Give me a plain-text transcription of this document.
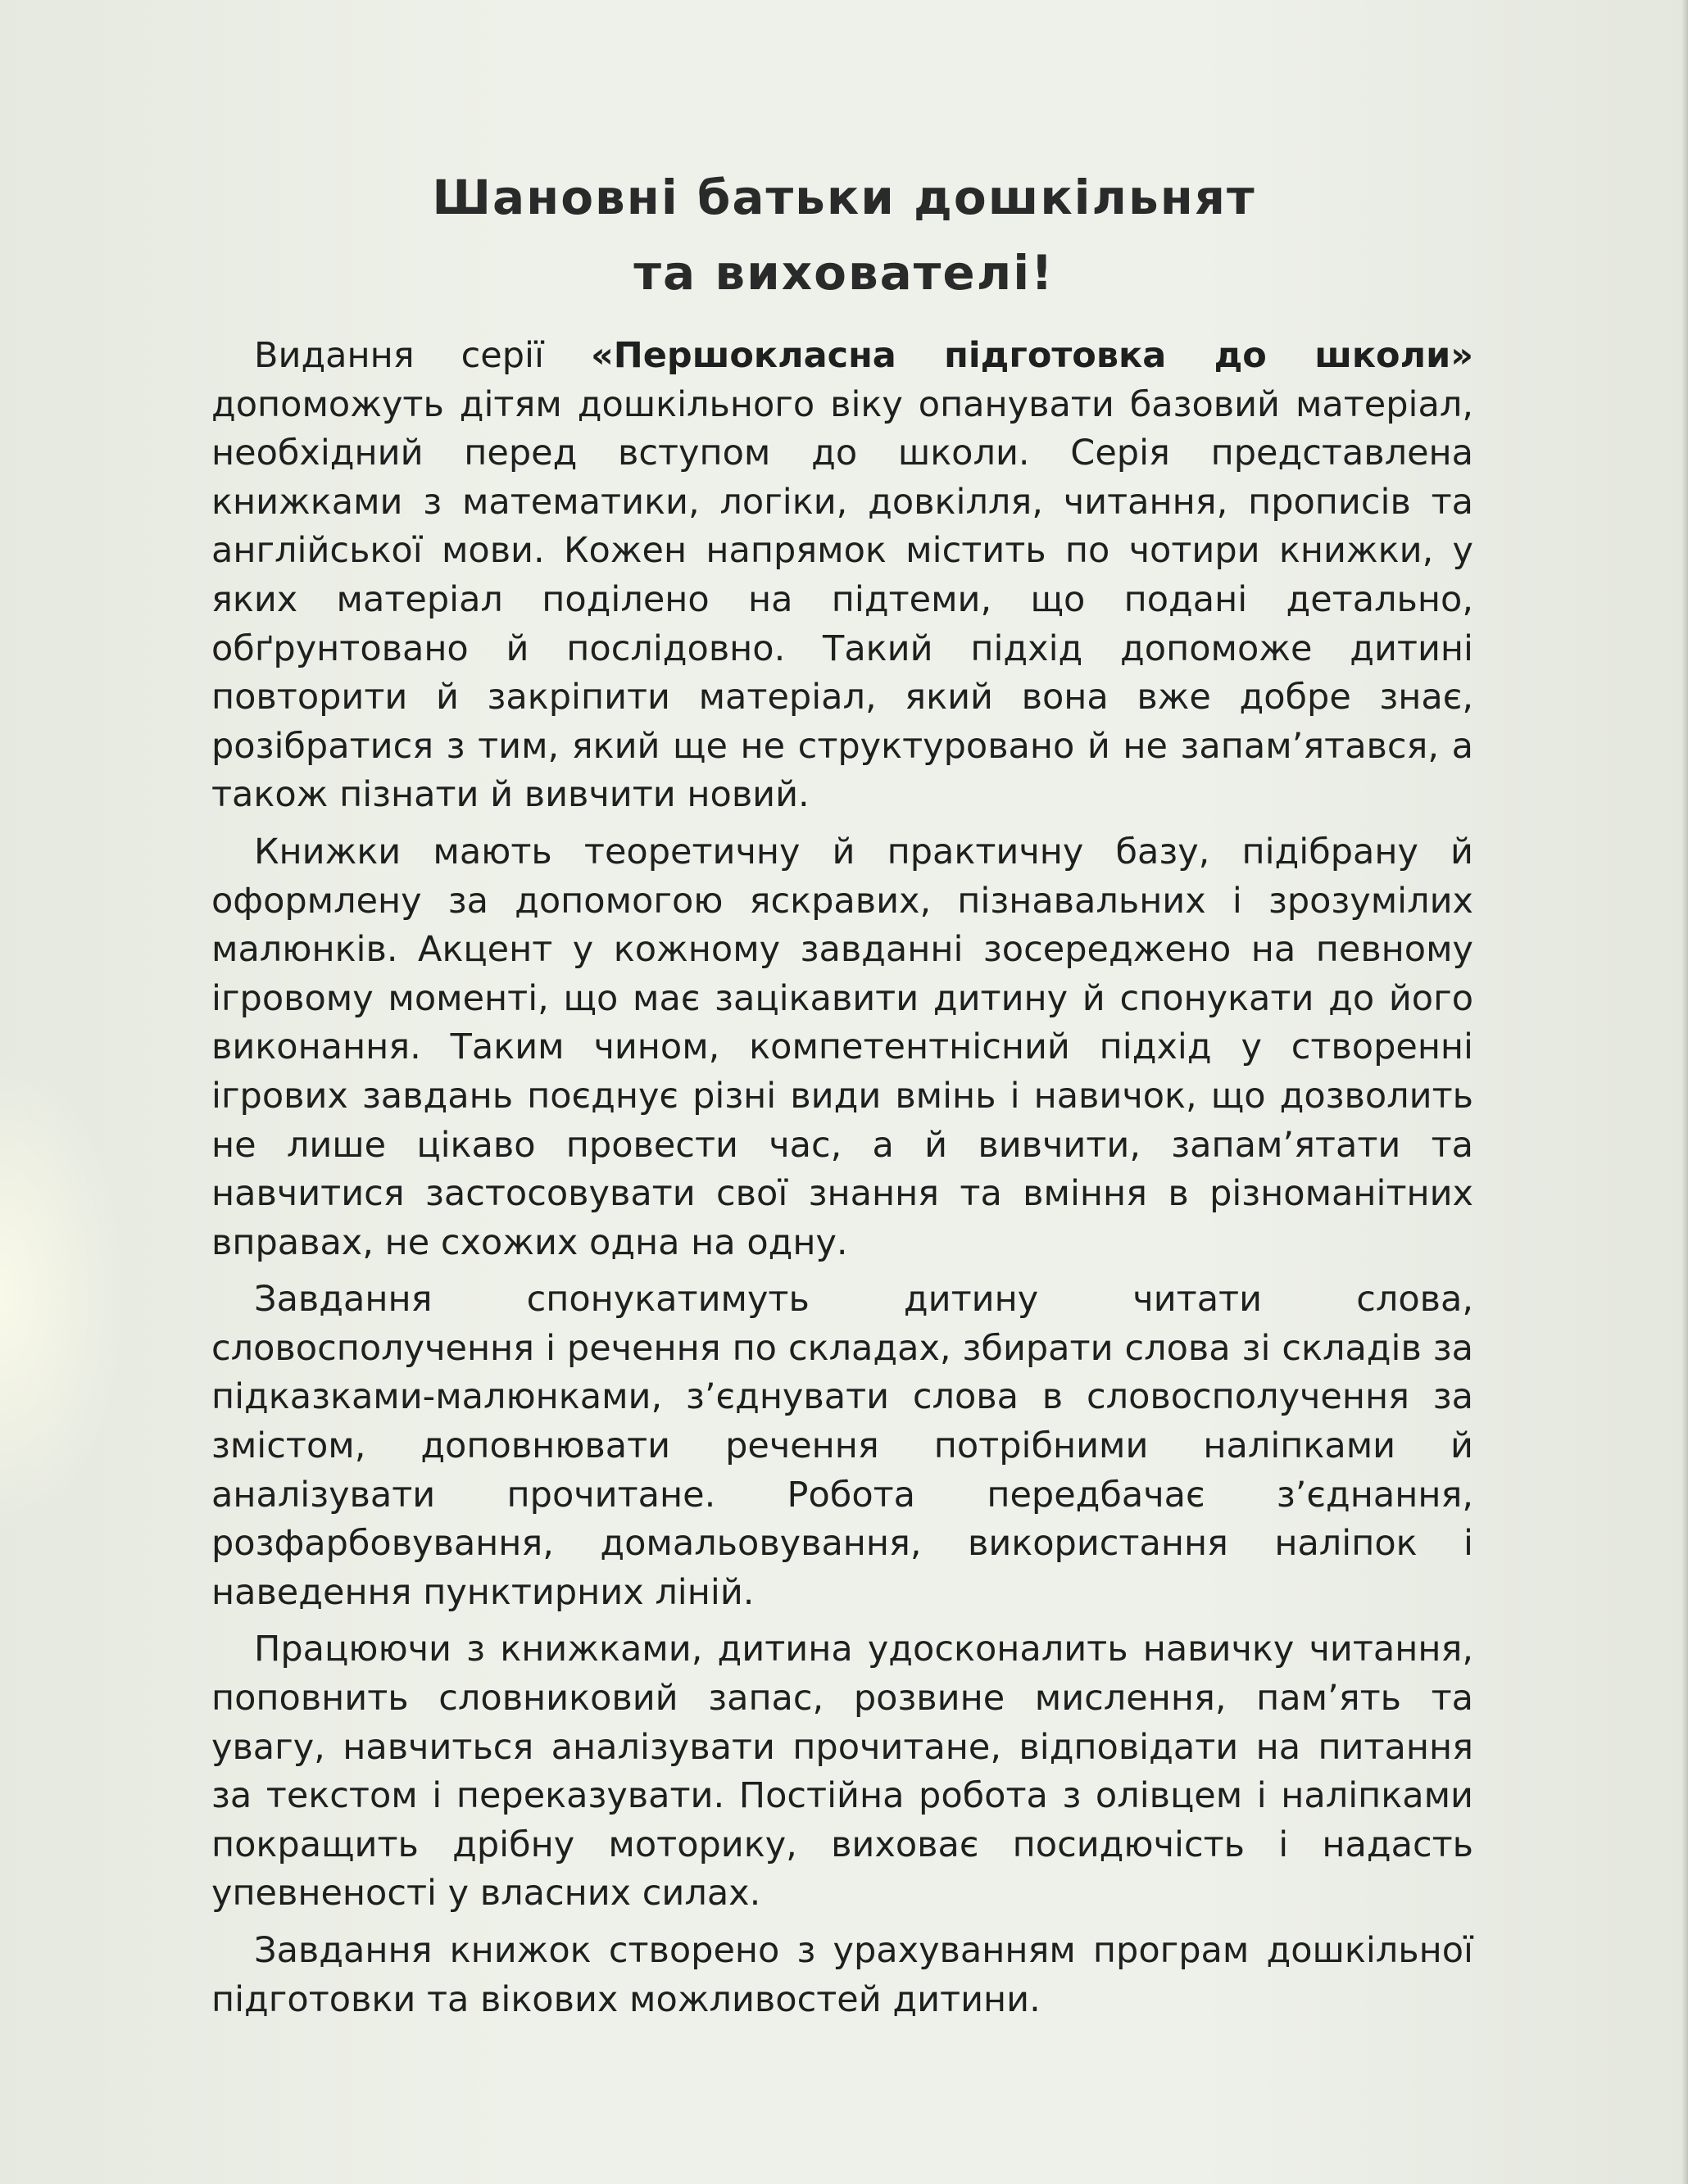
Шановні батьки дошкільнят
та вихователі!

Видання серії «Першокласна підготовка до школи» допоможуть дітям дошкільного віку опанувати базовий матеріал, необхідний перед вступом до школи. Серія представлена книжками з математики, логіки, довкілля, читання, прописів та англійської мови. Кожен напрямок містить по чотири книжки, у яких матеріал поділено на підтеми, що подані детально, обґрунтовано й послідовно. Такий підхід допоможе дитині повторити й закріпити матеріал, який вона вже добре знає, розібратися з тим, який ще не структуровано й не запам’ятався, а також пізнати й вивчити новий.

Книжки мають теоретичну й практичну базу, підібрану й оформлену за допомогою яскравих, пізнавальних і зрозумілих малюнків. Акцент у кожному завданні зосереджено на певному ігровому моменті, що має зацікавити дитину й спонукати до його виконання. Таким чином, компетентнісний підхід у створенні ігрових завдань поєднує різні види вмінь і навичок, що дозволить не лише цікаво провести час, а й вивчити, запам’ятати та навчитися застосовувати свої знання та вміння в різноманітних вправах, не схожих одна на одну.

Завдання спонукатимуть дитину читати слова, словосполучення і речення по складах, збирати слова зі складів за підказками-малюнками, з’єднувати слова в словосполучення за змістом, доповнювати речення потрібними наліпками й аналізувати прочитане. Робота передбачає з’єднання, розфарбовування, домальовування, використання наліпок і наведення пунктирних ліній.

Працюючи з книжками, дитина удосконалить навичку читання, поповнить словниковий запас, розвине мислення, пам’ять та увагу, навчиться аналізувати прочитане, відповідати на питання за текстом і переказувати. Постійна робота з олівцем і наліпками покращить дрібну моторику, виховає посидючість і надасть упевненості у власних силах.

Завдання книжок створено з урахуванням програм дошкільної підготовки та вікових можливостей дитини.
